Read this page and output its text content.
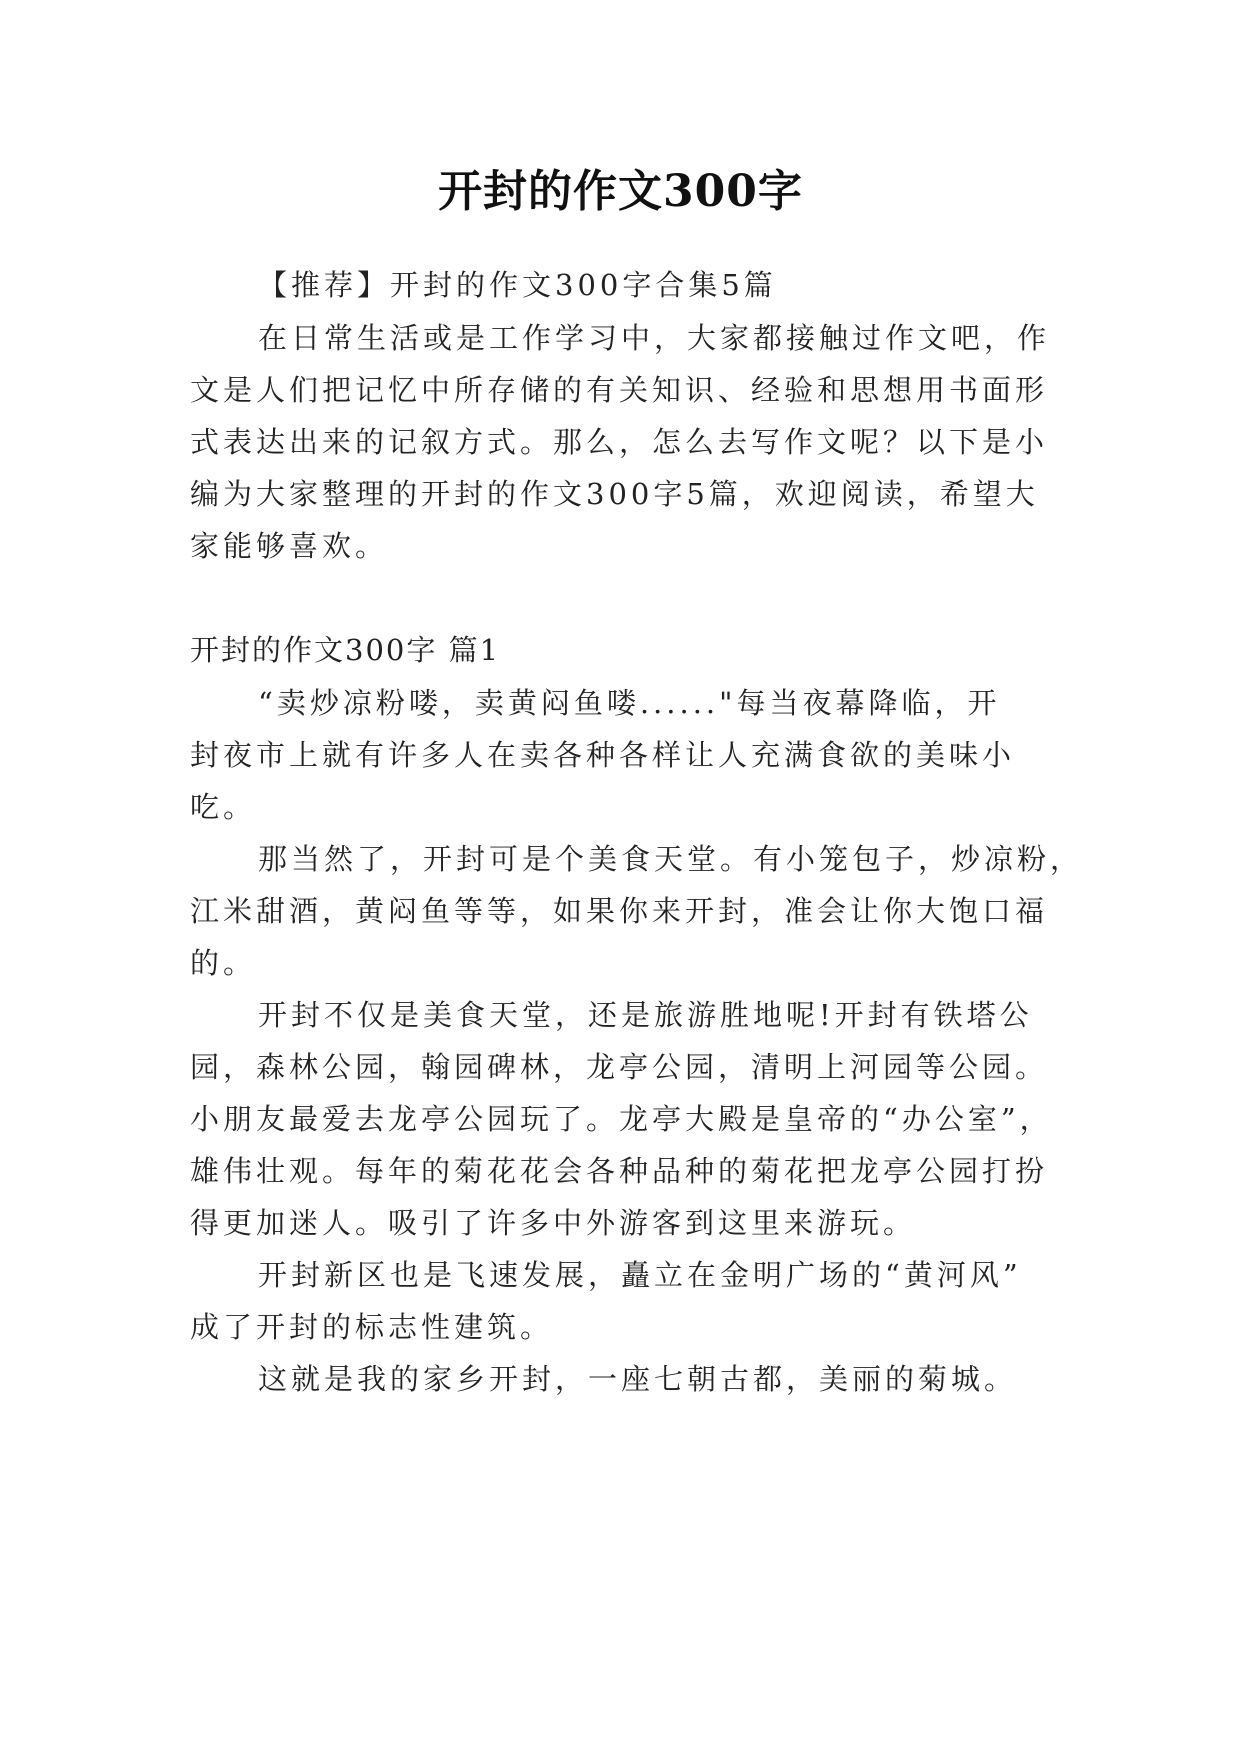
开封的作文300字
【推荐】开封的作文300字合集5篇
在日常生活或是工作学习中，大家都接触过作文吧，作
文是人们把记忆中所存储的有关知识、经验和思想用书面形
式表达出来的记叙方式。那么，怎么去写作文呢？以下是小
编为大家整理的开封的作文300字5篇，欢迎阅读，希望大
家能够喜欢。
开封的作文300字 篇1
“卖炒凉粉喽，卖黄闷鱼喽......"每当夜幕降临，开
封夜市上就有许多人在卖各种各样让人充满食欲的美味小
吃。
那当然了，开封可是个美食天堂。有小笼包子，炒凉粉，
江米甜酒，黄闷鱼等等，如果你来开封，准会让你大饱口福
的。
开封不仅是美食天堂，还是旅游胜地呢!开封有铁塔公
园，森林公园，翰园碑林，龙亭公园，清明上河园等公园。
小朋友最爱去龙亭公园玩了。龙亭大殿是皇帝的“办公室”，
雄伟壮观。每年的菊花花会各种品种的菊花把龙亭公园打扮
得更加迷人。吸引了许多中外游客到这里来游玩。
开封新区也是飞速发展，矗立在金明广场的“黄河风”
成了开封的标志性建筑。
这就是我的家乡开封，一座七朝古都，美丽的菊城。
